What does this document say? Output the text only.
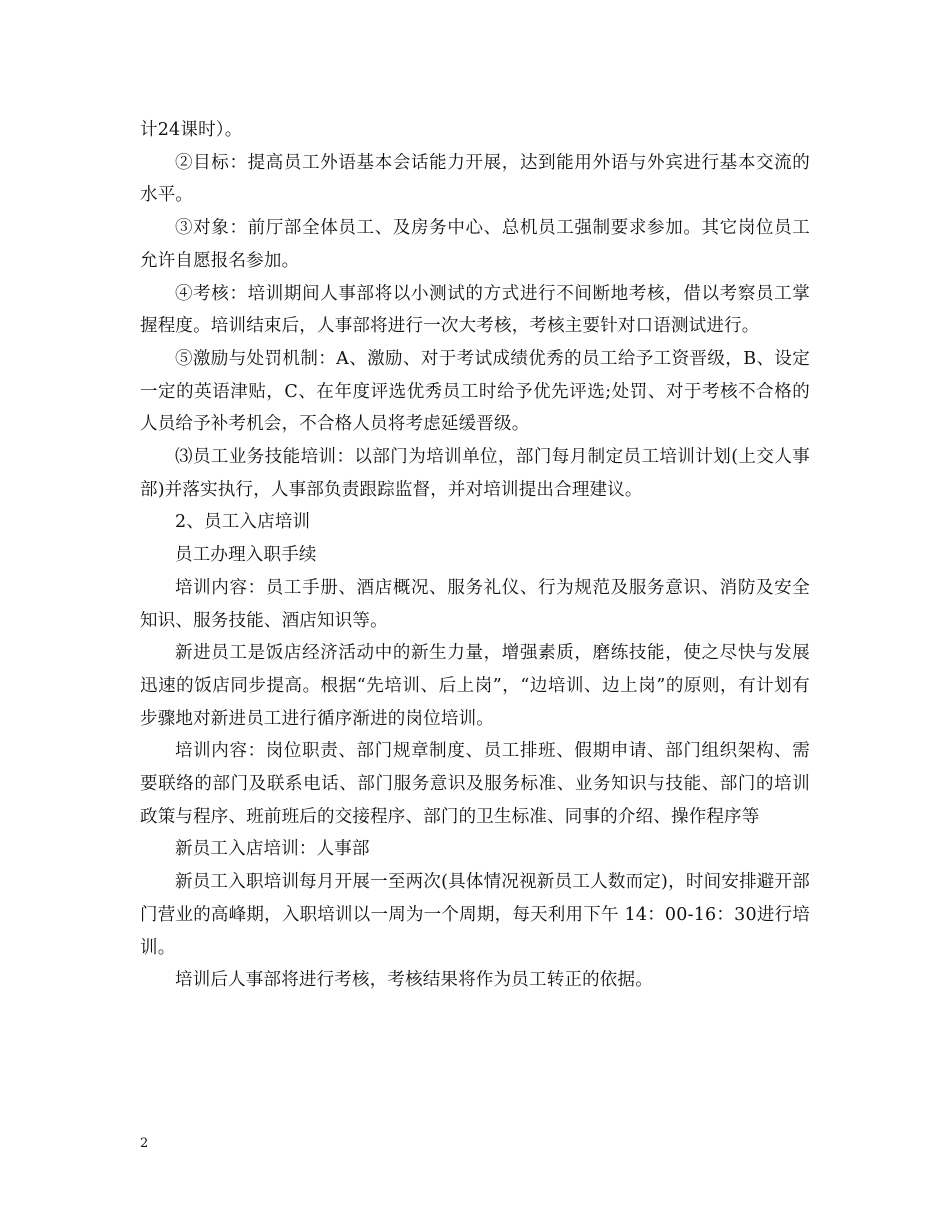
计24课时）。

②目标：提高员工外语基本会话能力开展，达到能用外语与外宾进行基本交流的水平。

③对象：前厅部全体员工、及房务中心、总机员工强制要求参加。其它岗位员工允许自愿报名参加。

④考核：培训期间人事部将以小测试的方式进行不间断地考核，借以考察员工掌握程度。培训结束后，人事部将进行一次大考核，考核主要针对口语测试进行。

⑤激励与处罚机制：A、激励、对于考试成绩优秀的员工给予工资晋级，B、设定一定的英语津贴，C、在年度评选优秀员工时给予优先评选;处罚、对于考核不合格的人员给予补考机会，不合格人员将考虑延缓晋级。

⑶员工业务技能培训：以部门为培训单位，部门每月制定员工培训计划(上交人事部)并落实执行，人事部负责跟踪监督，并对培训提出合理建议。

2、员工入店培训

员工办理入职手续

培训内容：员工手册、酒店概况、服务礼仪、行为规范及服务意识、消防及安全知识、服务技能、酒店知识等。

新进员工是饭店经济活动中的新生力量，增强素质，磨练技能，使之尽快与发展迅速的饭店同步提高。根据“先培训、后上岗”，“边培训、边上岗”的原则，有计划有步骤地对新进员工进行循序渐进的岗位培训。

培训内容：岗位职责、部门规章制度、员工排班、假期申请、部门组织架构、需要联络的部门及联系电话、部门服务意识及服务标准、业务知识与技能、部门的培训政策与程序、班前班后的交接程序、部门的卫生标准、同事的介绍、操作程序等

新员工入店培训：人事部

新员工入职培训每月开展一至两次(具体情况视新员工人数而定)，时间安排避开部门营业的高峰期，入职培训以一周为一个周期，每天利用下午 14：00-16：30进行培训。

培训后人事部将进行考核，考核结果将作为员工转正的依据。

2
